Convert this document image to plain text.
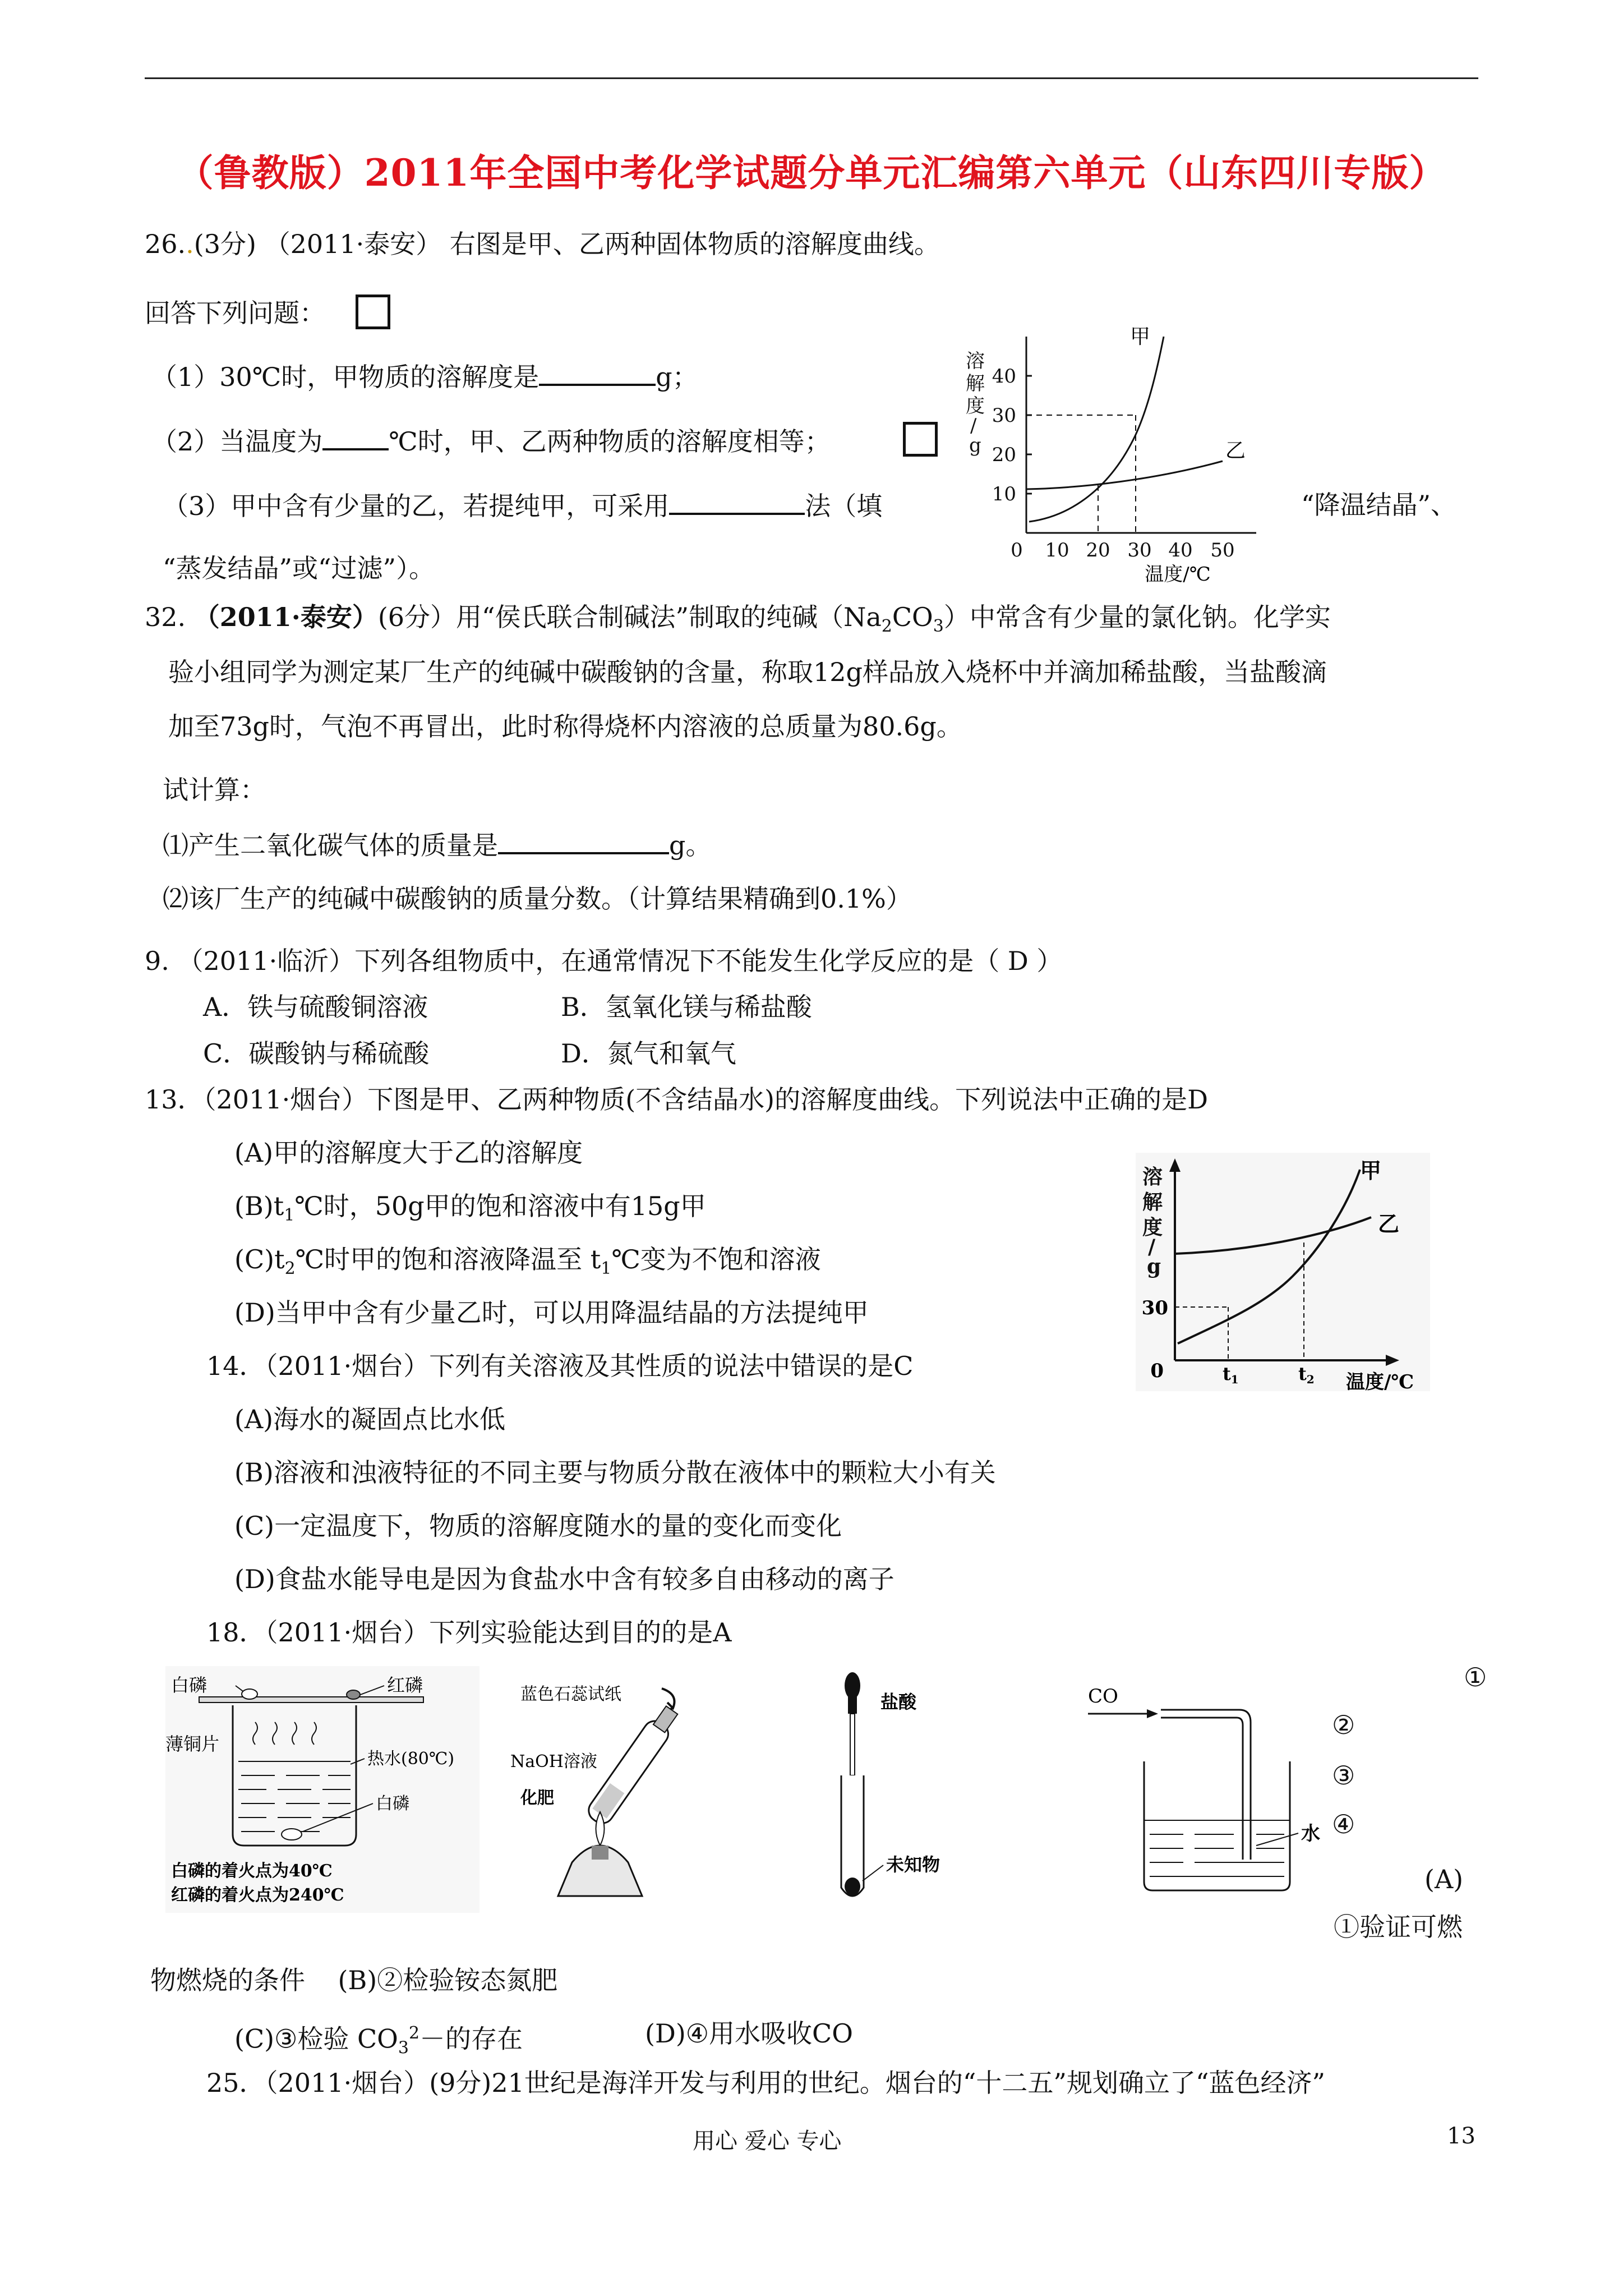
（鲁教版）2011年全国中考化学试题分单元汇编第六单元（山东四川专版）
26..(3分) （2011·泰安） 右图是甲、乙两种固体物质的溶解度曲线。
回答下列问题：
（1）30℃时，甲物质的溶解度是	g；
（2）当温度为	℃时，甲、乙两种物质的溶解度相等；
（3）甲中含有少量的乙，若提纯甲，可采用	法（填	“降温结晶”、
“蒸发结晶”或“过滤”）。
溶
解
度
/
g
10
20
30
40
0 10 20 30 40 50
温度/℃
甲
乙
32. （2011·泰安）(6分）用“侯氏联合制碱法”制取的纯碱$(Na_2CO_3)$中常含有少量的氯化钠。化学实
验小组同学为测定某厂生产的纯碱中碳酸钠的含量，称取12g样品放入烧杯中并滴加稀盐酸，当盐酸滴
加至73g时，气泡不再冒出，此时称得烧杯内溶液的总质量为80.6g。
试计算：
⑴产生二氧化碳气体的质量是	g。
⑵该厂生产的纯碱中碳酸钠的质量分数。（计算结果精确到0.1%）
9. （2011·临沂）下列各组物质中，在通常情况下不能发生化学反应的是（ D ）
A．铁与硫酸铜溶液	B．氢氧化镁与稀盐酸
C．碳酸钠与稀硫酸	D．氮气和氧气
13．（2011·烟台）下图是甲、乙两种物质(不含结晶水)的溶解度曲线。下列说法中正确的是D
(A)甲的溶解度大于乙的溶解度
$(B)t_1℃$时，50g甲的饱和溶液中有15g甲
$(C)t_2℃$时甲的饱和溶液降温至 $t_1℃$变为不饱和溶液
(D)当甲中含有少量乙时，可以用降温结晶的方法提纯甲
溶
解
度
/
g
甲
乙
30
0	t1	t2 温度/℃
14．（2011·烟台）下列有关溶液及其性质的说法中错误的是C
(A)海水的凝固点比水低
(B)溶液和浊液特征的不同主要与物质分散在液体中的颗粒大小有关
(C)一定温度下，物质的溶解度随水的量的变化而变化
(D)食盐水能导电是因为食盐水中含有较多自由移动的离子
18．（2011·烟台）下列实验能达到目的的是A
白磷	红磷
薄铜片
热水(80℃)
白磷
白磷的着火点为40℃
红磷的着火点为240℃
蓝色石蕊试纸
NaOH溶液
化肥
盐酸
未知物
CO
水
①
②
③
④
(A)
①验证可燃
物燃烧的条件 (B)②检验铵态氮肥
(C)③检验 $CO_3^2-$的存在	(D)④用水吸收CO
25．（2011·烟台）(9分)21世纪是海洋开发与利用的世纪。烟台的“十二五”规划确立了“蓝色经济”
用心 爱心 专心	13
